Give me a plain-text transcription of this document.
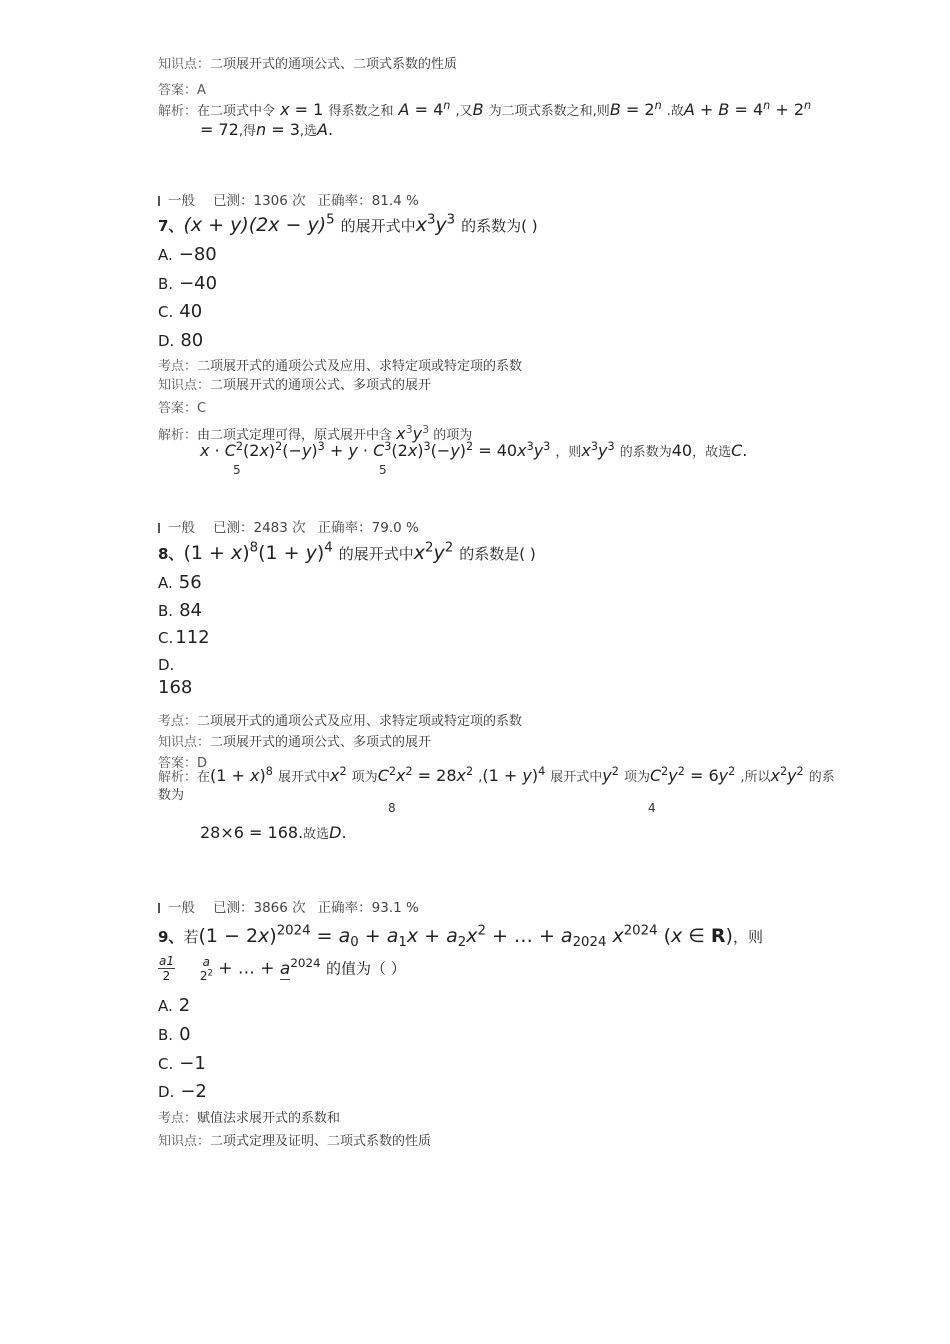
知识点：二项展开式的通项公式、二项式系数的性质
答案：A
解析：在二项式中令 x = 1 得系数之和 $A = 4^n$ ,又B 为二项式系数之和,则$B = 2^n$ .故$A + B = 4^n + 2^n$
= 72,得n = 3,选A.
一般 已测：1306 次 正确率：81.4 %
7、$(x + y)(2x - y)^5$ 的展开式中$x^3y^3$ 的系数为( )
A. −80
B. −40
C. 40
D. 80
考点：二项展开式的通项公式及应用、求特定项或特定项的系数
知识点：二项展开式的通项公式、多项式的展开
答案：C
解析：由二项式定理可得，原式展开中含 $x^3y^3$ 的项为
$x \cdot C^2(2x)^2(-y)^3 + y \cdot C^3(2x)^3(-y)^2 = 40x^3y^3$ ，则$x^3y^3$ 的系数为40，故选C.
5	5
一般 已测：2483 次 正确率：79.0 %
8、$(1 + x)^8(1 + y)^4$ 的展开式中$x^2y^2$ 的系数是( )
A. 56
B. 84
C. 112
D.
168
考点：二项展开式的通项公式及应用、求特定项或特定项的系数
知识点：二项展开式的通项公式、多项式的展开
答案：D
解析：在$(1 + x)^8$ 展开式中$x^2$ 项为$C^2x^2 = 28x^2$ $,(1 + y)^4$ 展开式中$y^2$ 项为$C^2y^2 = 6y^2$ ,所以$x^2y^2$ 的系
数为
8	4
28×6 = 168.故选D.
一般 已测：3866 次 正确率：93.1 %
9、若$(1 - 2x)^{2024} = a_0 + a_1x + a_2x^2$ + … + $a_{2024}$ $x^{2024}$ (x ∈ R)，则
$\frac{a1}{2}$
a
$2^2$ + … + $a^{2024}$ 的值为（ ）
A. 2
B. 0
C. −1
D. −2
考点：赋值法求展开式的系数和
知识点：二项式定理及证明、二项式系数的性质
